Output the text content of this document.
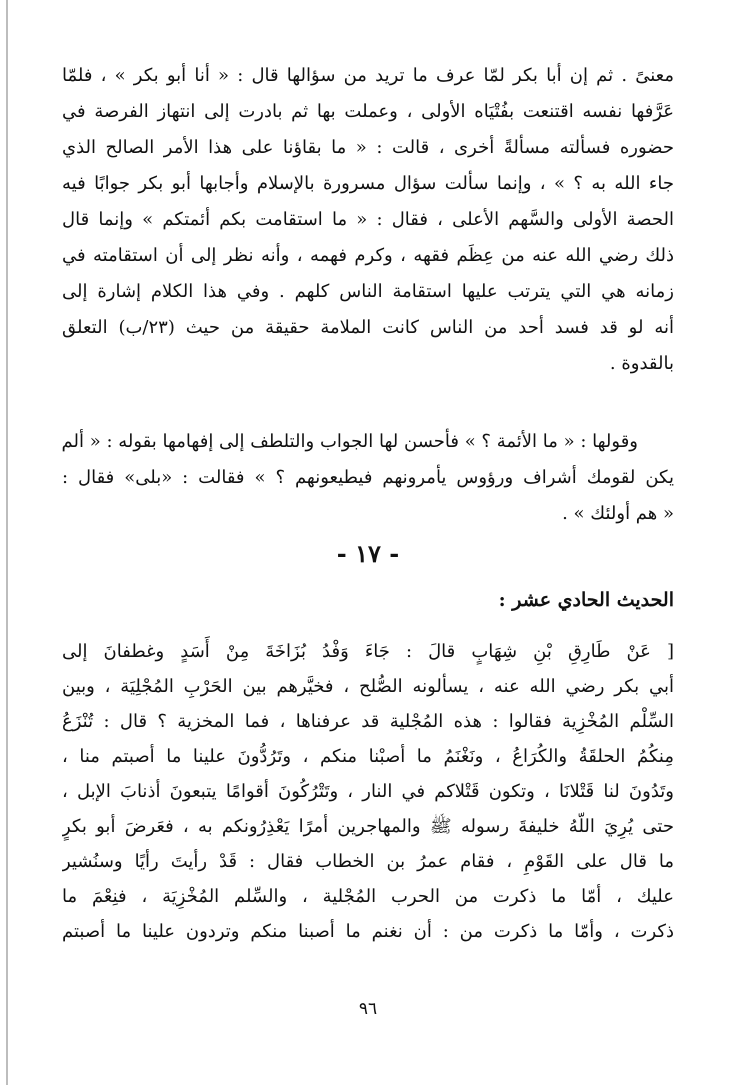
معنىً . ثم إن أبا بكر لمّا عرف ما تريد من سؤالها قال : « أنا أبو بكر » ، فلمّا
عَرَّفها نفسه اقتنعت بفُتْيَاه الأولى ، وعملت بها ثم بادرت إلى انتهاز الفرصة في
حضوره فسألته مسألةً أخرى ، قالت : « ما بقاؤنا على هذا الأمر الصالح الذي
جاء الله به ؟ » ، وإنما سألت سؤال مسرورة بالإسلام وأجابها أبو بكر جوابًا فيه
الحصة الأولى والسَّهم الأعلى ، فقال : « ما استقامت بكم أئمتكم » وإنما قال
ذلك رضي الله عنه من عِظَم فقهه ، وكرم فهمه ، وأنه نظر إلى أن استقامته في
زمانه هي التي يترتب عليها استقامة الناس كلهم . وفي هذا الكلام إشارة إلى
أنه لو قد فسد أحد من الناس كانت الملامة حقيقة من حيث (٢٣/ب) التعلق
بالقدوة .
وقولها : « ما الأئمة ؟ » فأحسن لها الجواب والتلطف إلى إفهامها بقوله : « ألم
يكن لقومك أشراف ورؤوس يأمرونهم فيطيعونهم ؟ » فقالت : «بلى» فقال :
« هم أولئك » .
- ١٧ -
الحديث الحادي عشر :
[ عَنْ طَارِقِ بْنِ شِهَابٍ قالَ : جَاءَ وَفْدُ بُزَاخَةَ مِنْ أَسَدٍ وغطفانَ إلى
أبي بكر رضي الله عنه ، يسألونه الصُّلح ، فخيَّرهم بين الحَرْبِ المُجْلِيَة ، وبين
السِّلْم المُخْزِية فقالوا : هذه المُجْلية قد عرفناها ، فما المخزية ؟ قال : تُنْزَعُ
مِنكُمُ الحلقَةُ والكُرَاعُ ، ونَغْنَمُ ما أصبْنا منكم ، وتَرُدُّونَ علينا ما أصبتم منا ،
وتَدُونَ لنا قَتْلانَا ، وتكون قَتْلاكم في النار ، وتَتْرُكُونَ أقوامًا يتبعونَ أذنابَ الإبل ،
حتى يُرِيَ اللّهُ خليفةَ رسوله ﷺ والمهاجرين أمرًا يَعْذِرُونكم به ، فعَرضَ أبو بكرٍ
ما قال على القَوْمِ ، فقام عمرُ بن الخطاب فقال : قَدْ رأيتَ رأيًا وسنُشير
عليك ، أمّا ما ذكرت من الحرب المُجْلية ، والسِّلم المُخْزِيَة ، فنِعْمَ ما
ذكرت ، وأمّا ما ذكرت من : أن نغنم ما أصبنا منكم وتردون علينا ما أصبتم
٩٦
